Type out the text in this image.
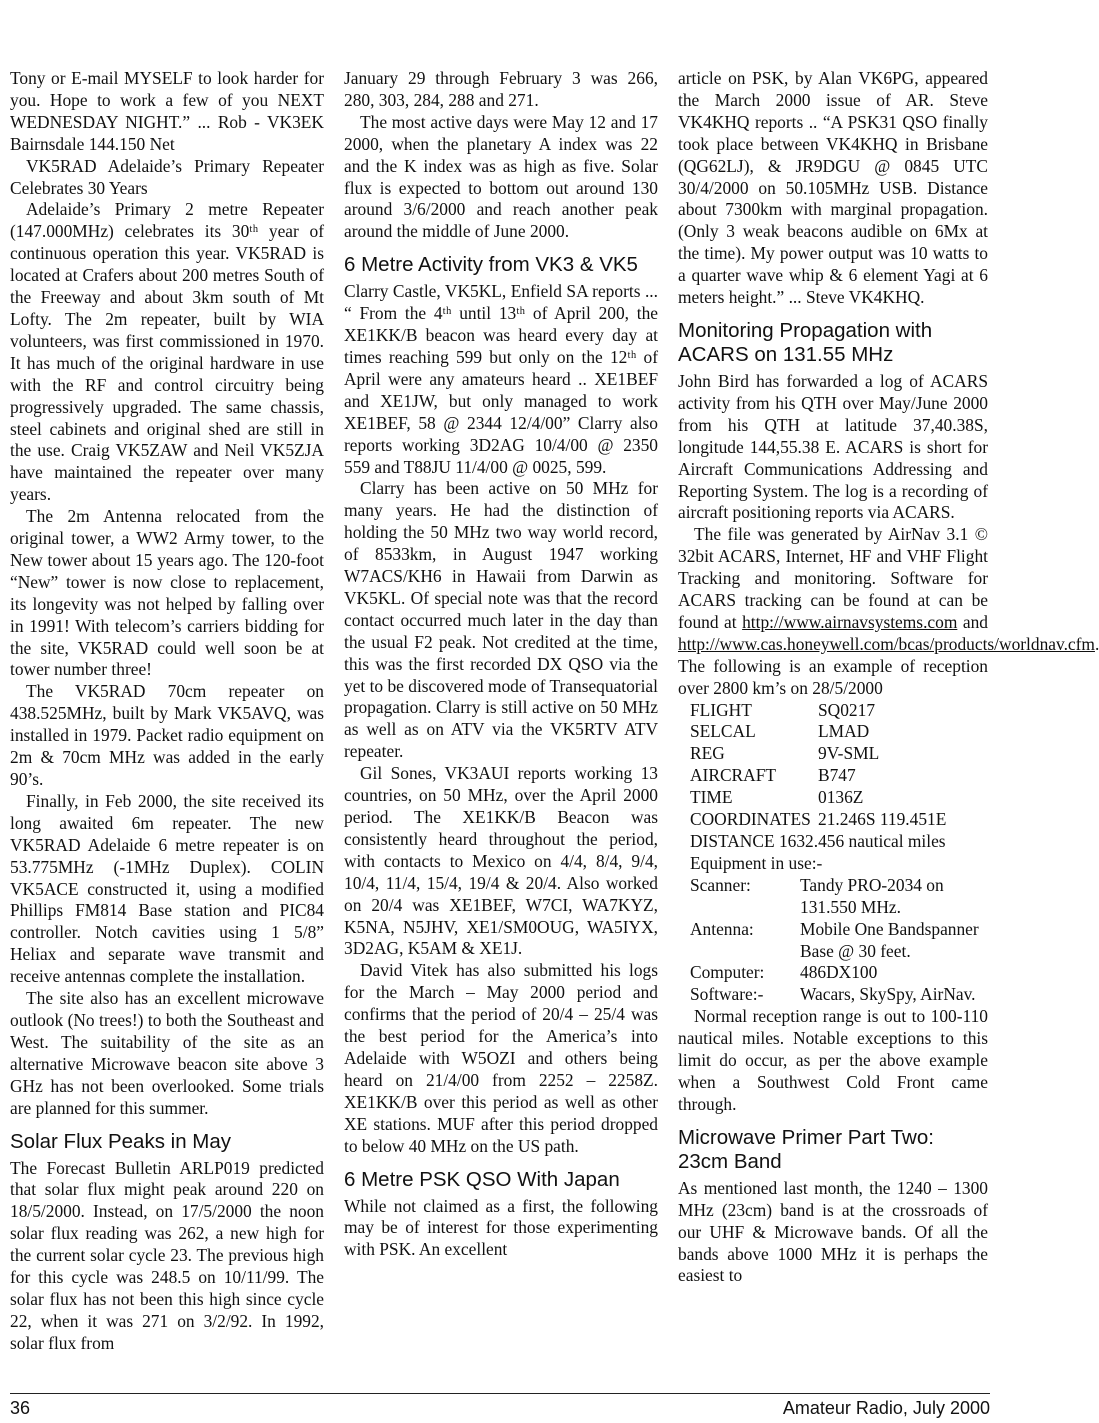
Tony or E-mail MYSELF to look harder for you. Hope to work a few of you NEXT WEDNESDAY NIGHT.” ... Rob - VK3EK Bairnsdale 144.150 Net

VK5RAD Adelaide’s Primary Repeater Celebrates 30 Years

Adelaide’s Primary 2 metre Repeater (147.000MHz) celebrates its 30ᵗʰ year of continuous operation this year. VK5RAD is located at Crafers about 200 metres South of the Freeway and about 3km south of Mt Lofty. The 2m repeater, built by WIA volunteers, was first commissioned in 1970. It has much of the original hardware in use with the RF and control circuitry being progressively upgraded. The same chassis, steel cabinets and original shed are still in the use. Craig VK5ZAW and Neil VK5ZJA have maintained the repeater over many years.

The 2m Antenna relocated from the original tower, a WW2 Army tower, to the New tower about 15 years ago. The 120-foot “New” tower is now close to replacement, its longevity was not helped by falling over in 1991! With telecom’s carriers bidding for the site, VK5RAD could well soon be at tower number three!

The VK5RAD 70cm repeater on 438.525MHz, built by Mark VK5AVQ, was installed in 1979. Packet radio equipment on 2m & 70cm MHz was added in the early 90’s.

Finally, in Feb 2000, the site received its long awaited 6m repeater. The new VK5RAD Adelaide 6 metre repeater is on 53.775MHz (-1MHz Duplex). COLIN VK5ACE constructed it, using a modified Phillips FM814 Base station and PIC84 controller. Notch cavities using 1 5/8” Heliax and separate wave transmit and receive antennas complete the installation.

The site also has an excellent microwave outlook (No trees!) to both the Southeast and West. The suitability of the site as an alternative Microwave beacon site above 3 GHz has not been overlooked. Some trials are planned for this summer.

Solar Flux Peaks in May

The Forecast Bulletin ARLP019 predicted that solar flux might peak around 220 on 18/5/2000. Instead, on 17/5/2000 the noon solar flux reading was 262, a new high for the current solar cycle 23. The previous high for this cycle was 248.5 on 10/11/99. The solar flux has not been this high since cycle 22, when it was 271 on 3/2/92. In 1992, solar flux from

January 29 through February 3 was 266, 280, 303, 284, 288 and 271.

The most active days were May 12 and 17 2000, when the planetary A index was 22 and the K index was as high as five. Solar flux is expected to bottom out around 130 around 3/6/2000 and reach another peak around the middle of June 2000.

6 Metre Activity from VK3 & VK5

Clarry Castle, VK5KL, Enfield SA reports ... “ From the 4ᵗʰ until 13ᵗʰ of April 200, the XE1KK/B beacon was heard every day at times reaching 599 but only on the 12ᵗʰ of April were any amateurs heard .. XE1BEF and XE1JW, but only managed to work XE1BEF, 58 @ 2344 12/4/00” Clarry also reports working 3D2AG 10/4/00 @ 2350 559 and T88JU 11/4/00 @ 0025, 599.

Clarry has been active on 50 MHz for many years. He had the distinction of holding the 50 MHz two way world record, of 8533km, in August 1947 working W7ACS/KH6 in Hawaii from Darwin as VK5KL. Of special note was that the record contact occurred much later in the day than the usual F2 peak. Not credited at the time, this was the first recorded DX QSO via the yet to be discovered mode of Transequatorial propagation. Clarry is still active on 50 MHz as well as on ATV via the VK5RTV ATV repeater.

Gil Sones, VK3AUI reports working 13 countries, on 50 MHz, over the April 2000 period. The XE1KK/B Beacon was consistently heard throughout the period, with contacts to Mexico on 4/4, 8/4, 9/4, 10/4, 11/4, 15/4, 19/4 & 20/4. Also worked on 20/4 was XE1BEF, W7CI, WA7KYZ, K5NA, N5JHV, XE1/SM0OUG, WA5IYX, 3D2AG, K5AM & XE1J.

David Vitek has also submitted his logs for the March – May 2000 period and confirms that the period of 20/4 – 25/4 was the best period for the America’s into Adelaide with W5OZI and others being heard on 21/4/00 from 2252 – 2258Z. XE1KK/B over this period as well as other XE stations. MUF after this period dropped to below 40 MHz on the US path.

6 Metre PSK QSO With Japan

While not claimed as a first, the following may be of interest for those experimenting with PSK. An excellent

article on PSK, by Alan VK6PG, appeared the March 2000 issue of AR. Steve VK4KHQ reports .. “A PSK31 QSO finally took place between VK4KHQ in Brisbane (QG62LJ), & JR9DGU @ 0845 UTC 30/4/2000 on 50.105MHz USB. Distance about 7300km with marginal propagation. (Only 3 weak beacons audible on 6Mx at the time). My power output was 10 watts to a quarter wave whip & 6 element Yagi at 6 meters height.” ... Steve VK4KHQ.

Monitoring Propagation with ACARS on 131.55 MHz

John Bird has forwarded a log of ACARS activity from his QTH over May/June 2000 from his QTH at latitude 37,40.38S, longitude 144,55.38 E. ACARS is short for Aircraft Communications Addressing and Reporting System. The log is a recording of aircraft positioning reports via ACARS.

The file was generated by AirNav 3.1 © 32bit ACARS, Internet, HF and VHF Flight Tracking and monitoring. Software for ACARS tracking can be found at can be found at http://www.airnavsystems.com and http://www.cas.honeywell.com/bcas/products/worldnav.cfm.

The following is an example of reception over 2800 km’s on 28/5/2000

FLIGHT	SQ0217
SELCAL	LMAD
REG	9V-SML
AIRCRAFT	B747
TIME	0136Z
COORDINATES 21.246S 119.451E
DISTANCE 1632.456 nautical miles
Equipment in use:-
Scanner:	Tandy PRO-2034 on 131.550 MHz.
Antenna:	Mobile One Bandspanner Base @ 30 feet.
Computer:	486DX100
Software:-	Wacars, SkySpy, AirNav.

Normal reception range is out to 100-110 nautical miles. Notable exceptions to this limit do occur, as per the above example when a Southwest Cold Front came through.

Microwave Primer Part Two: 23cm Band

As mentioned last month, the 1240 – 1300 MHz (23cm) band is at the crossroads of our UHF & Microwave bands. Of all the bands above 1000 MHz it is perhaps the easiest to

36	Amateur Radio, July 2000
